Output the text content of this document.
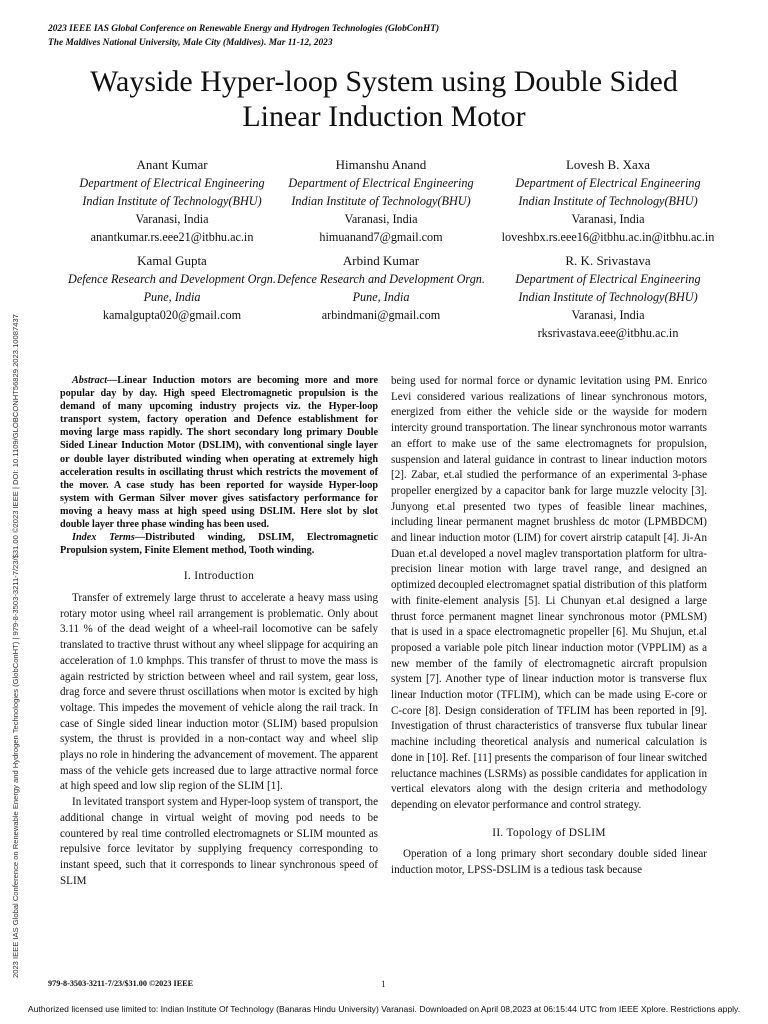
2023 IEEE IAS Global Conference on Renewable Energy and Hydrogen Technologies (GlobConHT)
The Maldives National University, Male City (Maldives). Mar 11-12, 2023
2023 IEEE IAS Global Conference on Renewable Energy and Hydrogen Technologies (GlobConHT) | 979-8-3503-3211-7/23/$31.00 ©2023 IEEE | DOI: 10.1109/GLOBCONHT56829.2023.10087437
Wayside Hyper-loop System using Double Sided
Linear Induction Motor
Anant Kumar
Department of Electrical Engineering
Indian Institute of Technology(BHU)
Varanasi, India
anantkumar.rs.eee21@itbhu.ac.in
Himanshu Anand
Department of Electrical Engineering
Indian Institute of Technology(BHU)
Varanasi, India
himuanand7@gmail.com
Lovesh B. Xaxa
Department of Electrical Engineering
Indian Institute of Technology(BHU)
Varanasi, India
loveshbx.rs.eee16@itbhu.ac.in@itbhu.ac.in
Kamal Gupta
Defence Research and Development Orgn.
Pune, India
kamalgupta020@gmail.com
Arbind Kumar
Defence Research and Development Orgn.
Pune, India
arbindmani@gmail.com
R. K. Srivastava
Department of Electrical Engineering
Indian Institute of Technology(BHU)
Varanasi, India
rksrivastava.eee@itbhu.ac.in

Abstract—Linear Induction motors are becoming more and more popular day by day. High speed Electromagnetic propulsion is the demand of many upcoming industry projects viz. the Hyper-loop transport system, factory operation and Defence establishment for moving large mass rapidly. The short secondary long primary Double Sided Linear Induction Motor (DSLIM), with conventional single layer or double layer distributed winding when operating at extremely high acceleration results in oscillating thrust which restricts the movement of the mover. A case study has been reported for wayside Hyper-loop system with German Silver mover gives satisfactory performance for moving a heavy mass at high speed using DSLIM. Here slot by slot double layer three phase winding has been used.

Index Terms—Distributed winding, DSLIM, Electromagnetic Propulsion system, Finite Element method, Tooth winding.

I. Introduction

Transfer of extremely large thrust to accelerate a heavy mass using rotary motor using wheel rail arrangement is problematic. Only about 3.11 % of the dead weight of a wheel-rail locomotive can be safely translated to tractive thrust without any wheel slippage for acquiring an acceleration of 1.0 kmphps. This transfer of thrust to move the mass is again restricted by striction between wheel and rail system, gear loss, drag force and severe thrust oscillations when motor is excited by high voltage. This impedes the movement of vehicle along the rail track. In case of Single sided linear induction motor (SLIM) based propulsion system, the thrust is provided in a non-contact way and wheel slip plays no role in hindering the advancement of movement. The apparent mass of the vehicle gets increased due to large attractive normal force at high speed and low slip region of the SLIM [1].

In levitated transport system and Hyper-loop system of transport, the additional change in virtual weight of moving pod needs to be countered by real time controlled electromagnets or SLIM mounted as repulsive force levitator by supplying frequency corresponding to instant speed, such that it corresponds to linear synchronous speed of SLIM

being used for normal force or dynamic levitation using PM. Enrico Levi considered various realizations of linear synchronous motors, energized from either the vehicle side or the wayside for modern intercity ground transportation. The linear synchronous motor warrants an effort to make use of the same electromagnets for propulsion, suspension and lateral guidance in contrast to linear induction motors [2]. Zabar, et.al studied the performance of an experimental 3-phase propeller energized by a capacitor bank for large muzzle velocity [3]. Junyong et.al presented two types of feasible linear machines, including linear permanent magnet brushless dc motor (LPMBDCM) and linear induction motor (LIM) for covert airstrip catapult [4]. Ji-An Duan et.al developed a novel maglev transportation platform for ultra-precision linear motion with large travel range, and designed an optimized decoupled electromagnet spatial distribution of this platform with finite-element analysis [5]. Li Chunyan et.al designed a large thrust force permanent magnet linear synchronous motor (PMLSM) that is used in a space electromagnetic propeller [6]. Mu Shujun, et.al proposed a variable pole pitch linear induction motor (VPPLIM) as a new member of the family of electromagnetic aircraft propulsion system [7]. Another type of linear induction motor is transverse flux linear Induction motor (TFLIM), which can be made using E-core or C-core [8]. Design consideration of TFLIM has been reported in [9]. Investigation of thrust characteristics of transverse flux tubular linear machine including theoretical analysis and numerical calculation is done in [10]. Ref. [11] presents the comparison of four linear switched reluctance machines (LSRMs) as possible candidates for application in vertical elevators along with the design criteria and methodology depending on elevator performance and control strategy.

II. Topology of DSLIM

Operation of a long primary short secondary double sided linear induction motor, LPSS-DSLIM is a tedious task because

979-8-3503-3211-7/23/$31.00 ©2023 IEEE	1
Authorized licensed use limited to: Indian Institute Of Technology (Banaras Hindu University) Varanasi. Downloaded on April 08,2023 at 06:15:44 UTC from IEEE Xplore. Restrictions apply.
